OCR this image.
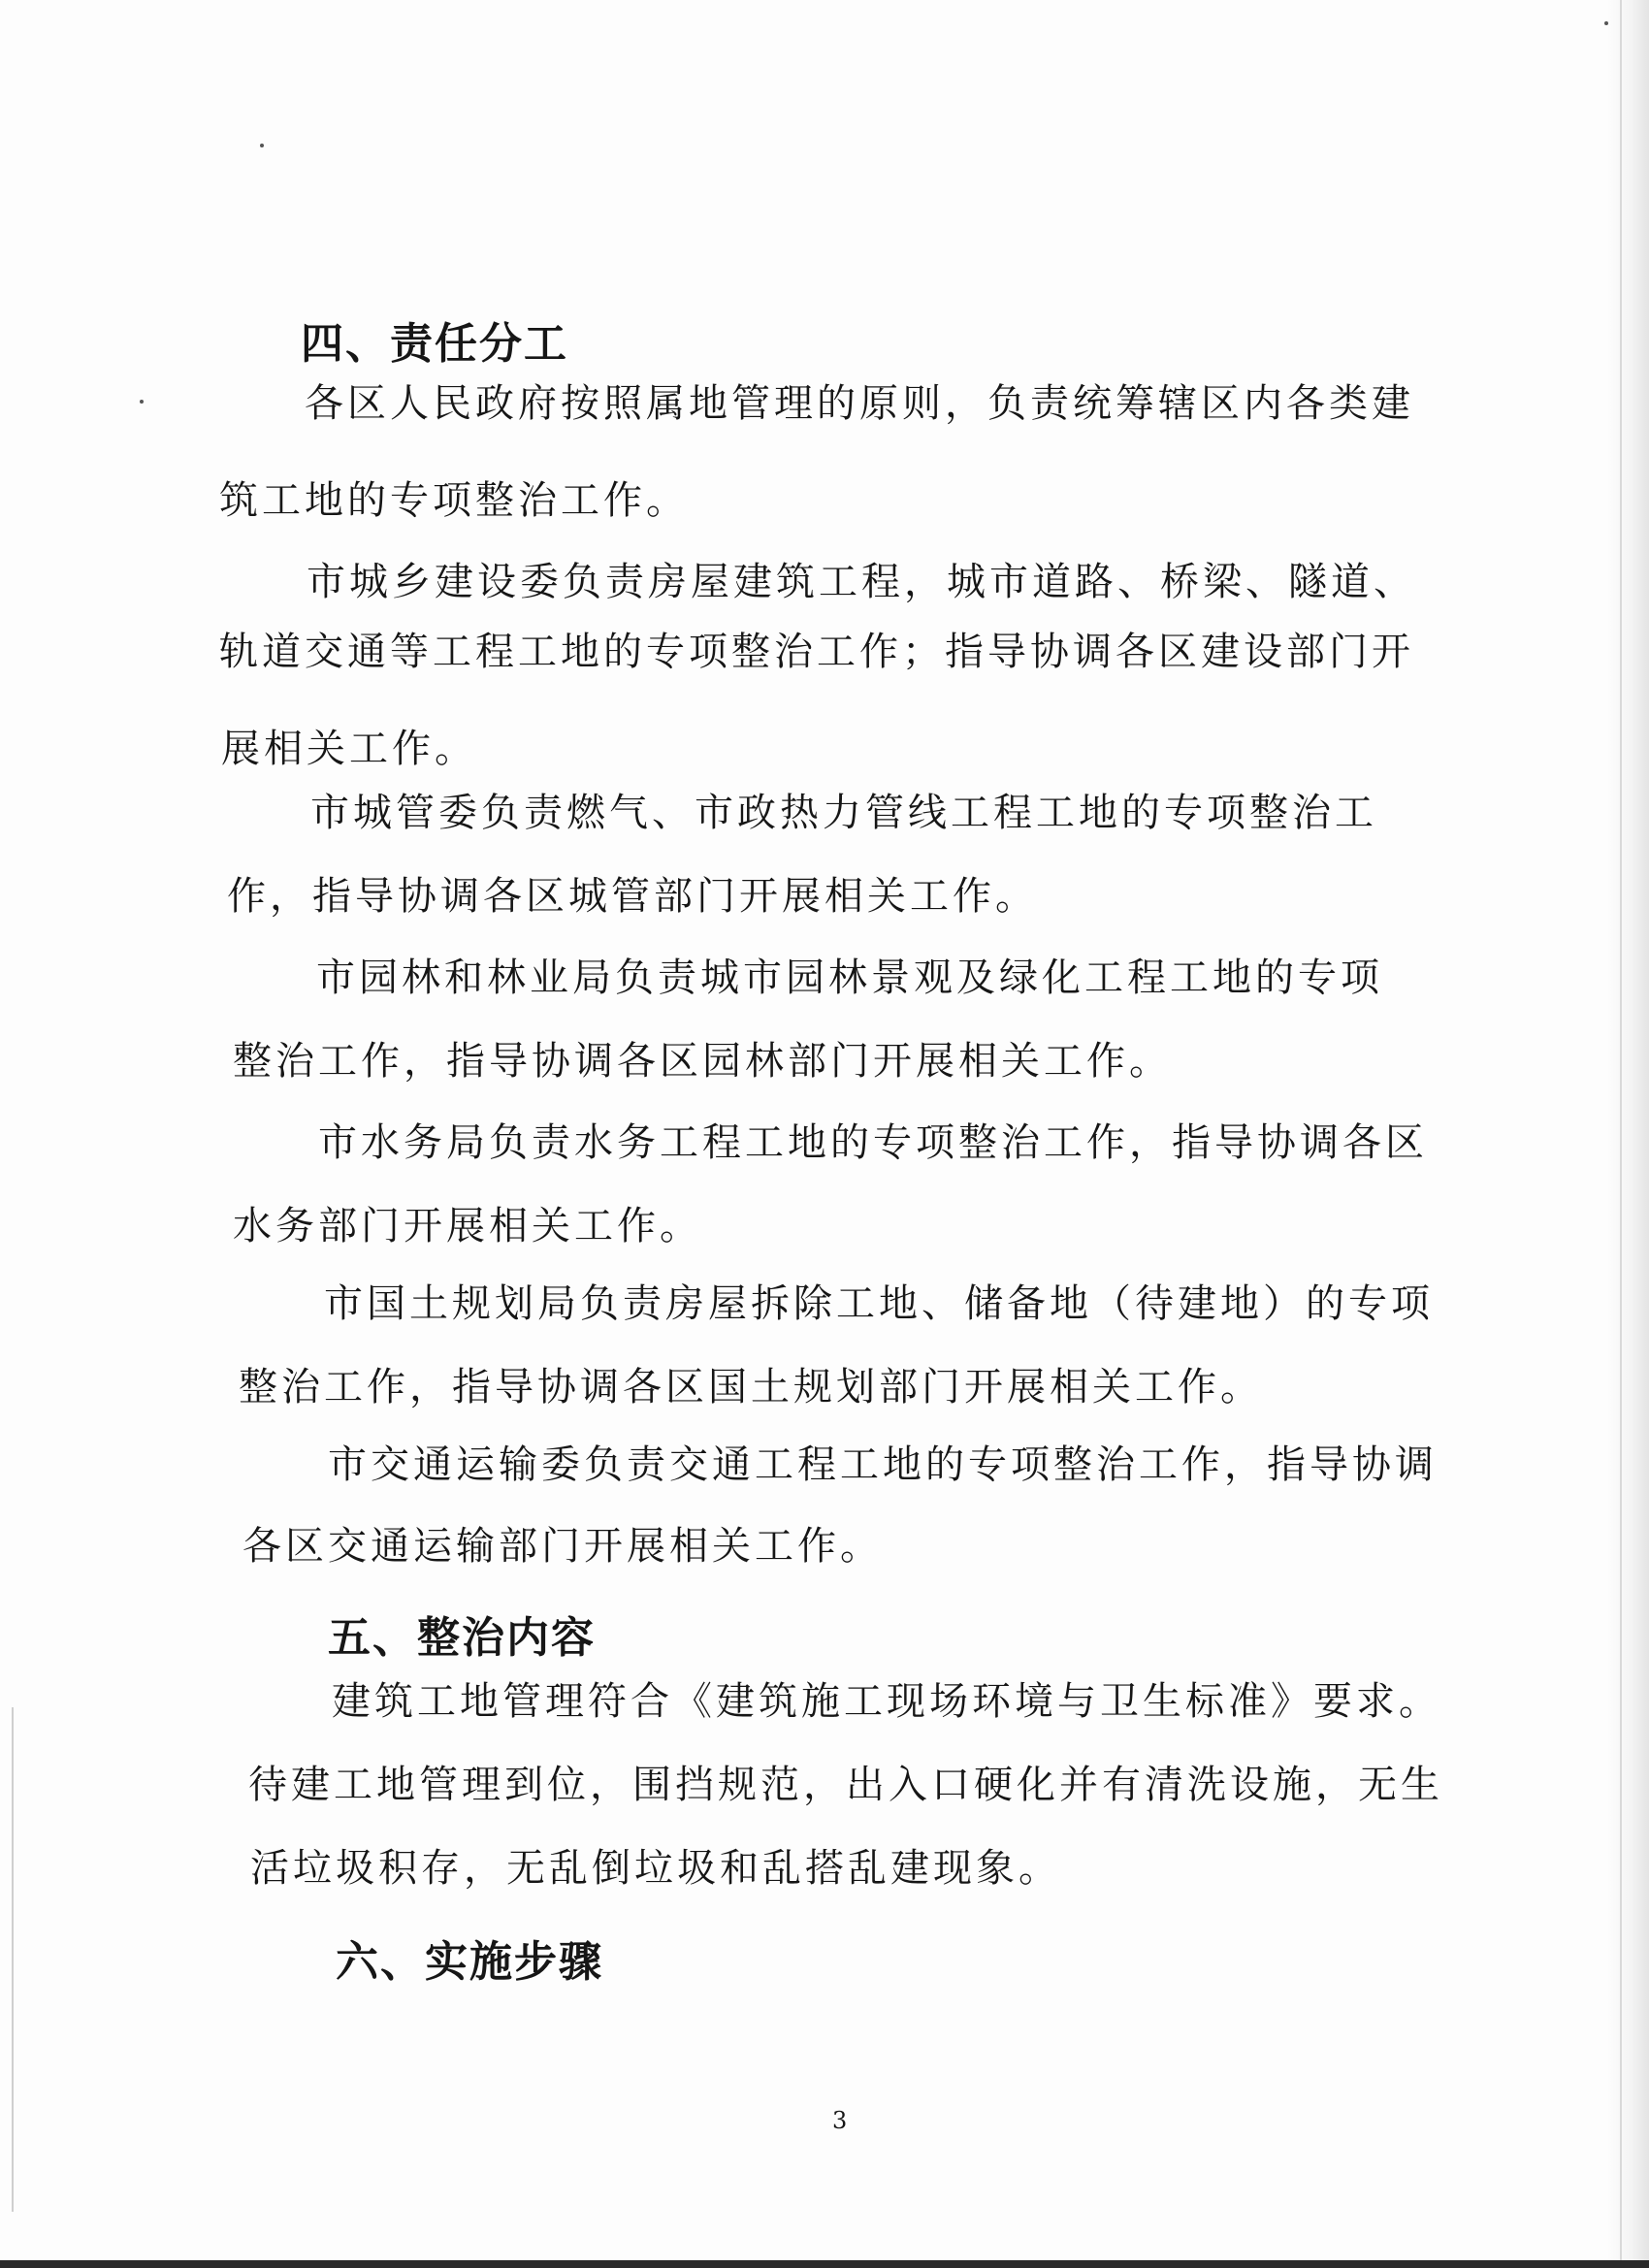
四、责任分工
各区人民政府按照属地管理的原则，负责统筹辖区内各类建
筑工地的专项整治工作。
市城乡建设委负责房屋建筑工程，城市道路、桥梁、隧道、
轨道交通等工程工地的专项整治工作；指导协调各区建设部门开
展相关工作。
市城管委负责燃气、市政热力管线工程工地的专项整治工
作，指导协调各区城管部门开展相关工作。
市园林和林业局负责城市园林景观及绿化工程工地的专项
整治工作，指导协调各区园林部门开展相关工作。
市水务局负责水务工程工地的专项整治工作，指导协调各区
水务部门开展相关工作。
市国土规划局负责房屋拆除工地、储备地（待建地）的专项
整治工作，指导协调各区国土规划部门开展相关工作。
市交通运输委负责交通工程工地的专项整治工作，指导协调
各区交通运输部门开展相关工作。
五、整治内容
建筑工地管理符合《建筑施工现场环境与卫生标准》要求。
待建工地管理到位，围挡规范，出入口硬化并有清洗设施，无生
活垃圾积存，无乱倒垃圾和乱搭乱建现象。
六、实施步骤
3
